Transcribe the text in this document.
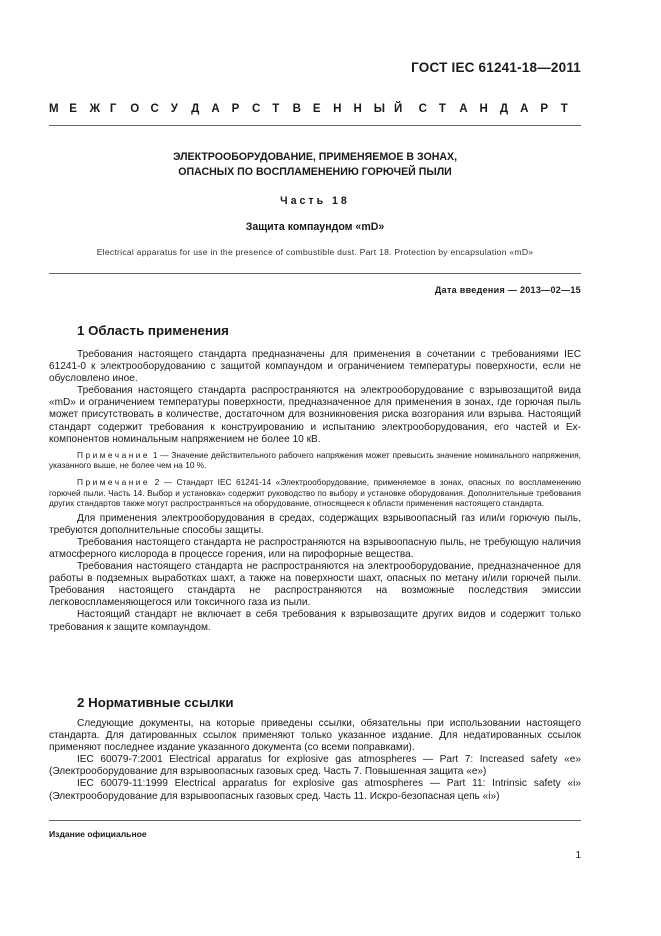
ГОСТ IEC 61241-18—2011
М Е	Ж Г	О С	У	Д	А	Р	С	Т	В	Е	Н	Н	Ы Й	С	Т	А	Н	Д	А	Р	Т
ЭЛЕКТРООБОРУДОВАНИЕ, ПРИМЕНЯЕМОЕ В ЗОНАХ,
ОПАСНЫХ ПО ВОСПЛАМЕНЕНИЮ ГОРЮЧЕЙ ПЫЛИ
Часть 18
Защита компаундом «mD»
Electrical apparatus for use in the presence of combustible dust. Part 18. Protection by encapsulation «mD»
Дата введения — 2013—02—15
1 Область применения

Требования настоящего стандарта предназначены для применения в сочетании с требованиями IEC 61241-0 к электрооборудованию с защитой компаундом и ограничением температуры поверхности, если не обусловлено иное.

Требования настоящего стандарта распространяются на электрооборудование с взрывозащитой вида «mD» и ограничением температуры поверхности, предназначенное для применения в зонах, где горючая пыль может присутствовать в количестве, достаточном для возникновения риска возгорания или взрыва. Настоящий стандарт содержит требования к конструированию и испытанию электрооборудования, его частей и Ex-компонентов номинальным напряжением не более 10 кВ.

Примечание 1 — Значение действительного рабочего напряжения может превысить значение номинального напряжения, указанного выше, не более чем на 10 %.

Примечание 2 — Стандарт IEC 61241-14 «Электрооборудование, применяемое в зонах, опасных по воспламенению горючей пыли. Часть 14. Выбор и установка» содержит руководство по выбору и установке оборудования. Дополнительные требования других стандартов также могут распространяться на оборудование, относящееся к области применения настоящего стандарта.

Для применения электрооборудования в средах, содержащих взрывоопасный газ или/и горючую пыль, требуются дополнительные способы защиты.

Требования настоящего стандарта не распространяются на взрывоопасную пыль, не требующую наличия атмосферного кислорода в процессе горения, или на пирофорные вещества.

Требования настоящего стандарта не распространяются на электрооборудование, предназначенное для работы в подземных выработках шахт, а также на поверхности шахт, опасных по метану и/или горючей пыли. Требования настоящего стандарта не распространяются на возможные последствия эмиссии легковоспламеняющегося или токсичного газа из пыли.

Настоящий стандарт не включает в себя требования к взрывозащите других видов и содержит только требования к защите компаундом.

2 Нормативные ссылки

Следующие документы, на которые приведены ссылки, обязательны при использовании настоящего стандарта. Для датированных ссылок применяют только указанное издание. Для недатированных ссылок применяют последнее издание указанного документа (со всеми поправками).

IEC 60079-7:2001 Electrical apparatus for explosive gas atmospheres — Part 7: Increased safety «e» (Электрооборудование для взрывоопасных газовых сред. Часть 7. Повышенная защита «e»)

IEC 60079-11:1999 Electrical apparatus for explosive gas atmospheres — Part 11: Intrinsic safety «i» (Электрооборудование для взрывоопасных газовых сред. Часть 11. Искро-безопасная цепь «i»)

Издание официальное
1
